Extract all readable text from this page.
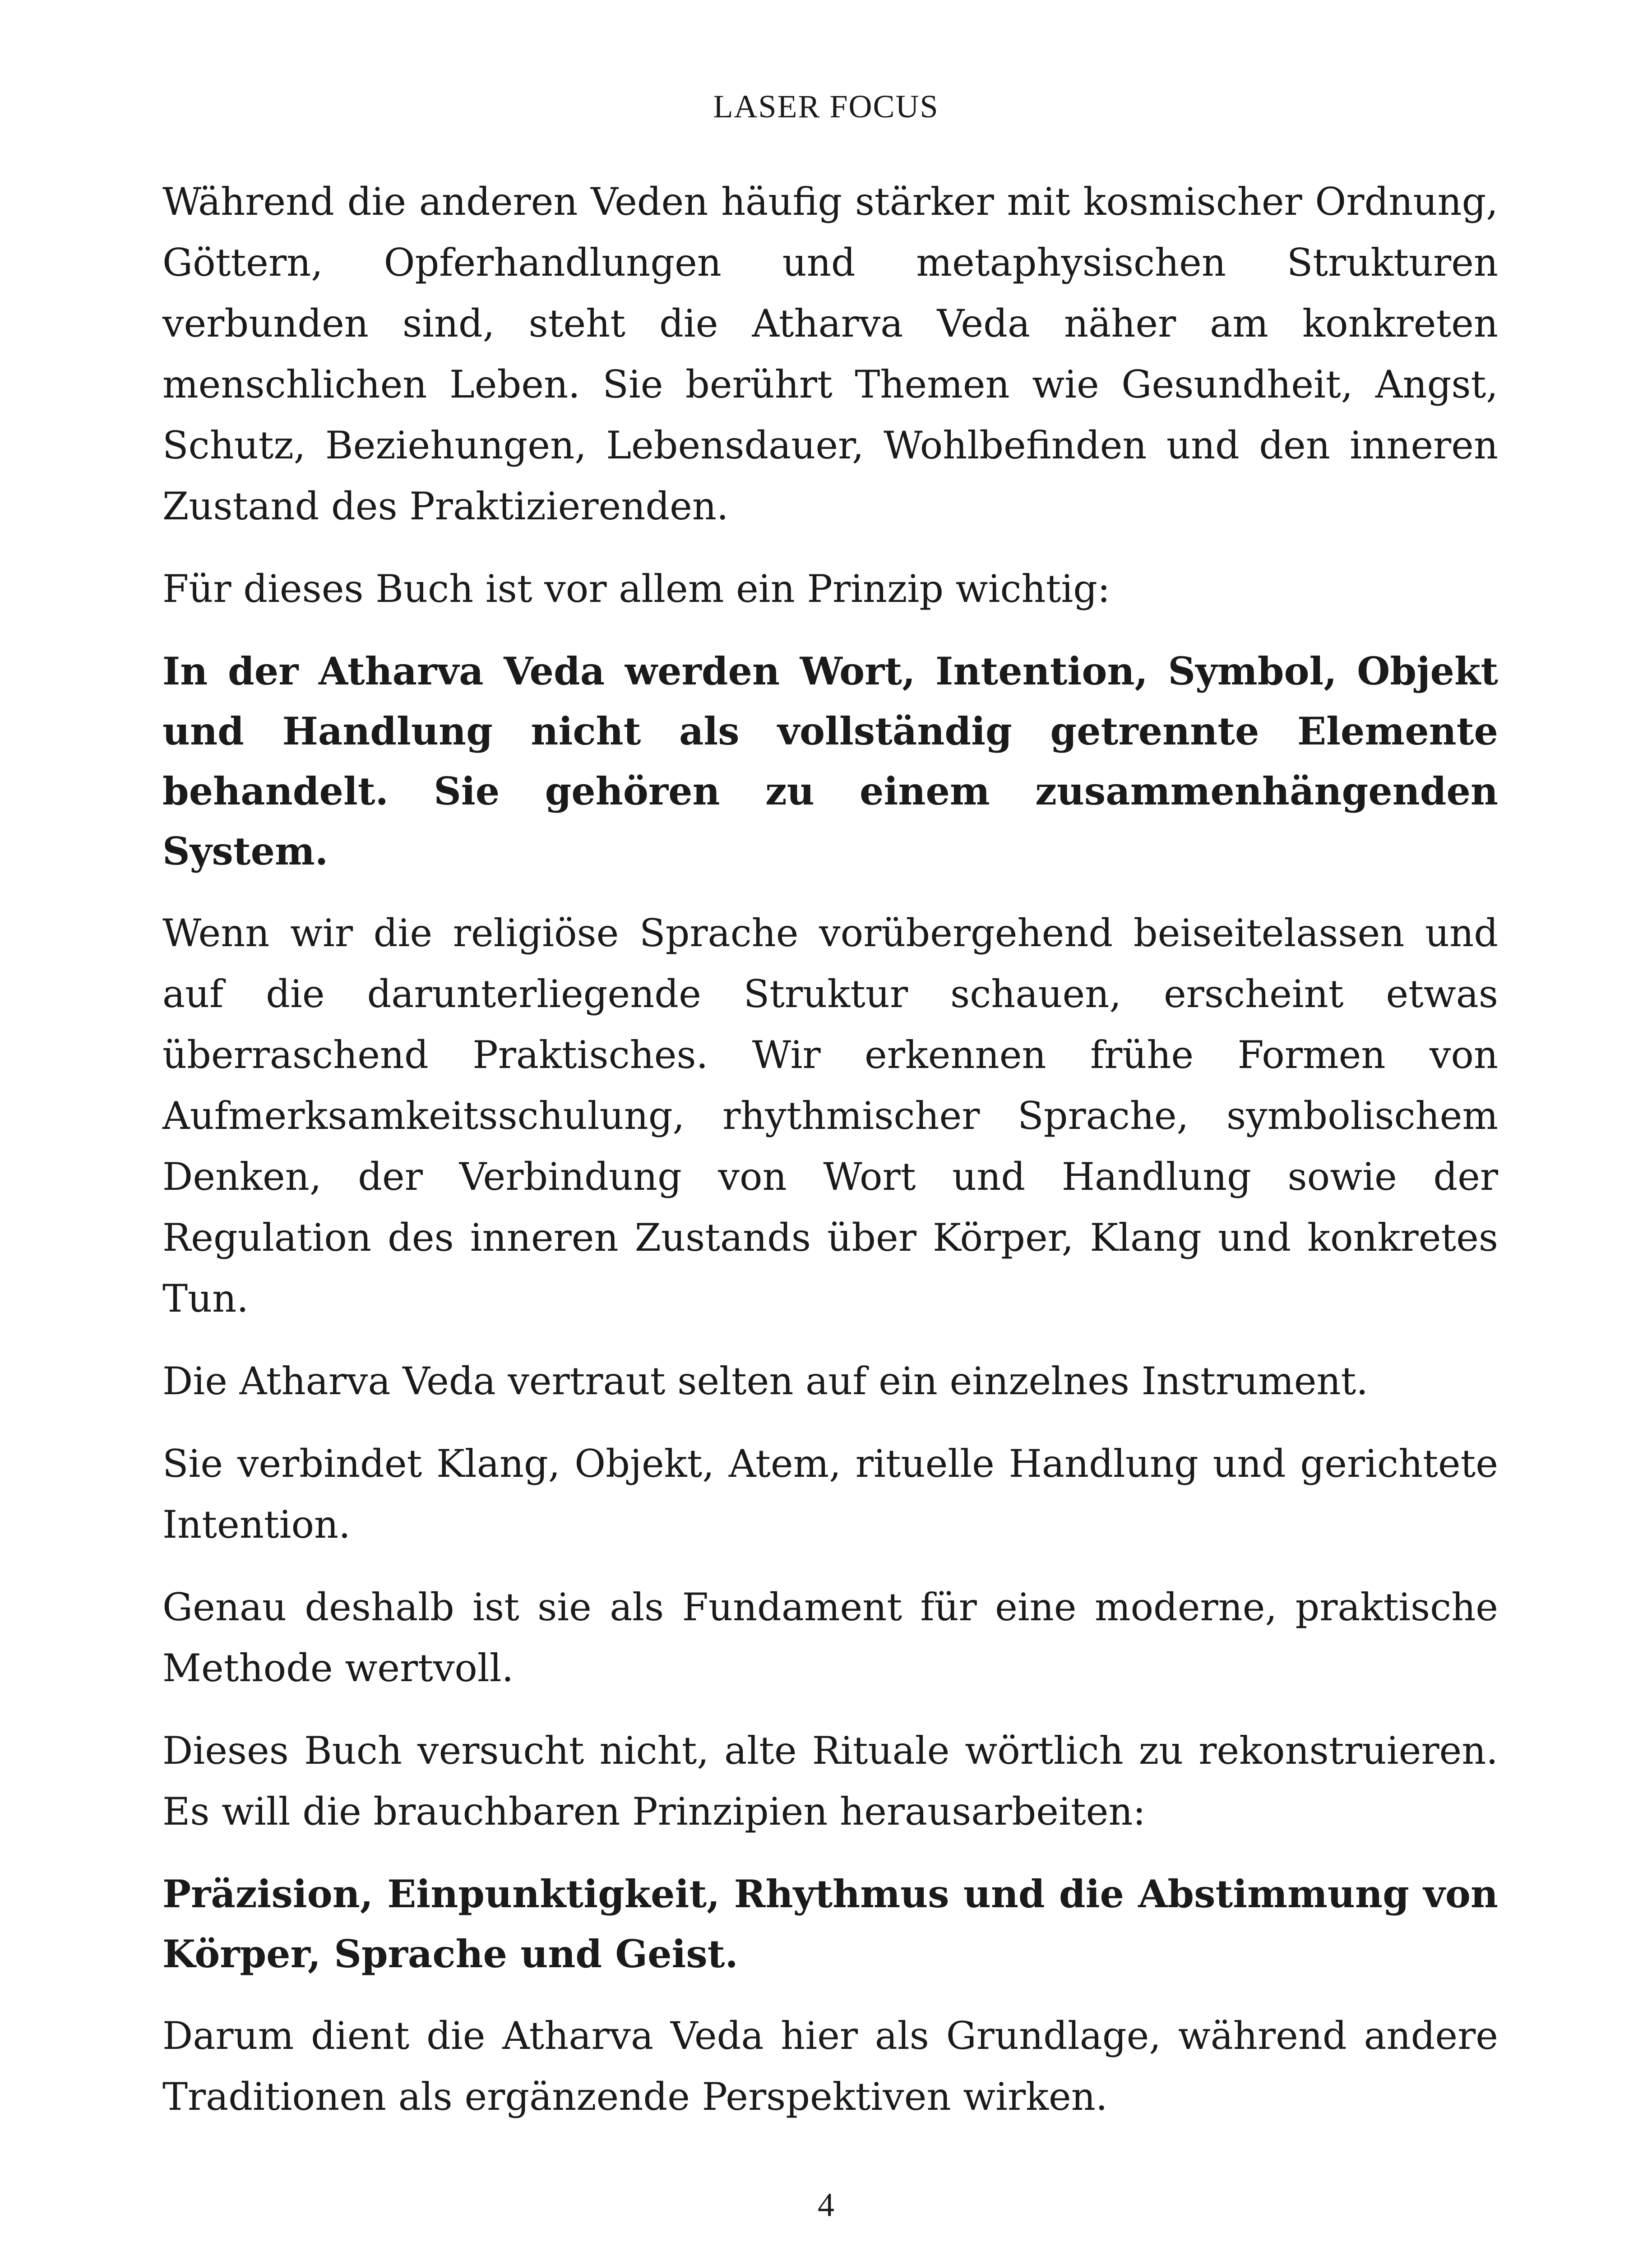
LASER FOCUS

Während die anderen Veden häufig stärker mit kosmischer Ordnung, Göttern, Opferhandlungen und metaphysischen Strukturen verbunden sind, steht die Atharva Veda näher am konkreten menschlichen Leben. Sie berührt Themen wie Gesundheit, Angst, Schutz, Beziehungen, Lebensdauer, Wohlbefinden und den inneren Zustand des Praktizierenden.

Für dieses Buch ist vor allem ein Prinzip wichtig:

In der Atharva Veda werden Wort, Intention, Symbol, Objekt und Handlung nicht als vollständig getrennte Elemente behandelt. Sie gehören zu einem zusammenhängenden System.

Wenn wir die religiöse Sprache vorübergehend beiseitelassen und auf die darunterliegende Struktur schauen, erscheint etwas überraschend Praktisches. Wir erkennen frühe Formen von Aufmerksamkeitsschulung, rhythmischer Sprache, symbolischem Denken, der Verbindung von Wort und Handlung sowie der Regulation des inneren Zustands über Körper, Klang und konkretes Tun.

Die Atharva Veda vertraut selten auf ein einzelnes Instrument.

Sie verbindet Klang, Objekt, Atem, rituelle Handlung und gerichtete Intention.

Genau deshalb ist sie als Fundament für eine moderne, praktische Methode wertvoll.

Dieses Buch versucht nicht, alte Rituale wörtlich zu rekonstruieren. Es will die brauchbaren Prinzipien herausarbeiten:

Präzision, Einpunktigkeit, Rhythmus und die Abstimmung von Körper, Sprache und Geist.

Darum dient die Atharva Veda hier als Grundlage, während andere Traditionen als ergänzende Perspektiven wirken.

4
